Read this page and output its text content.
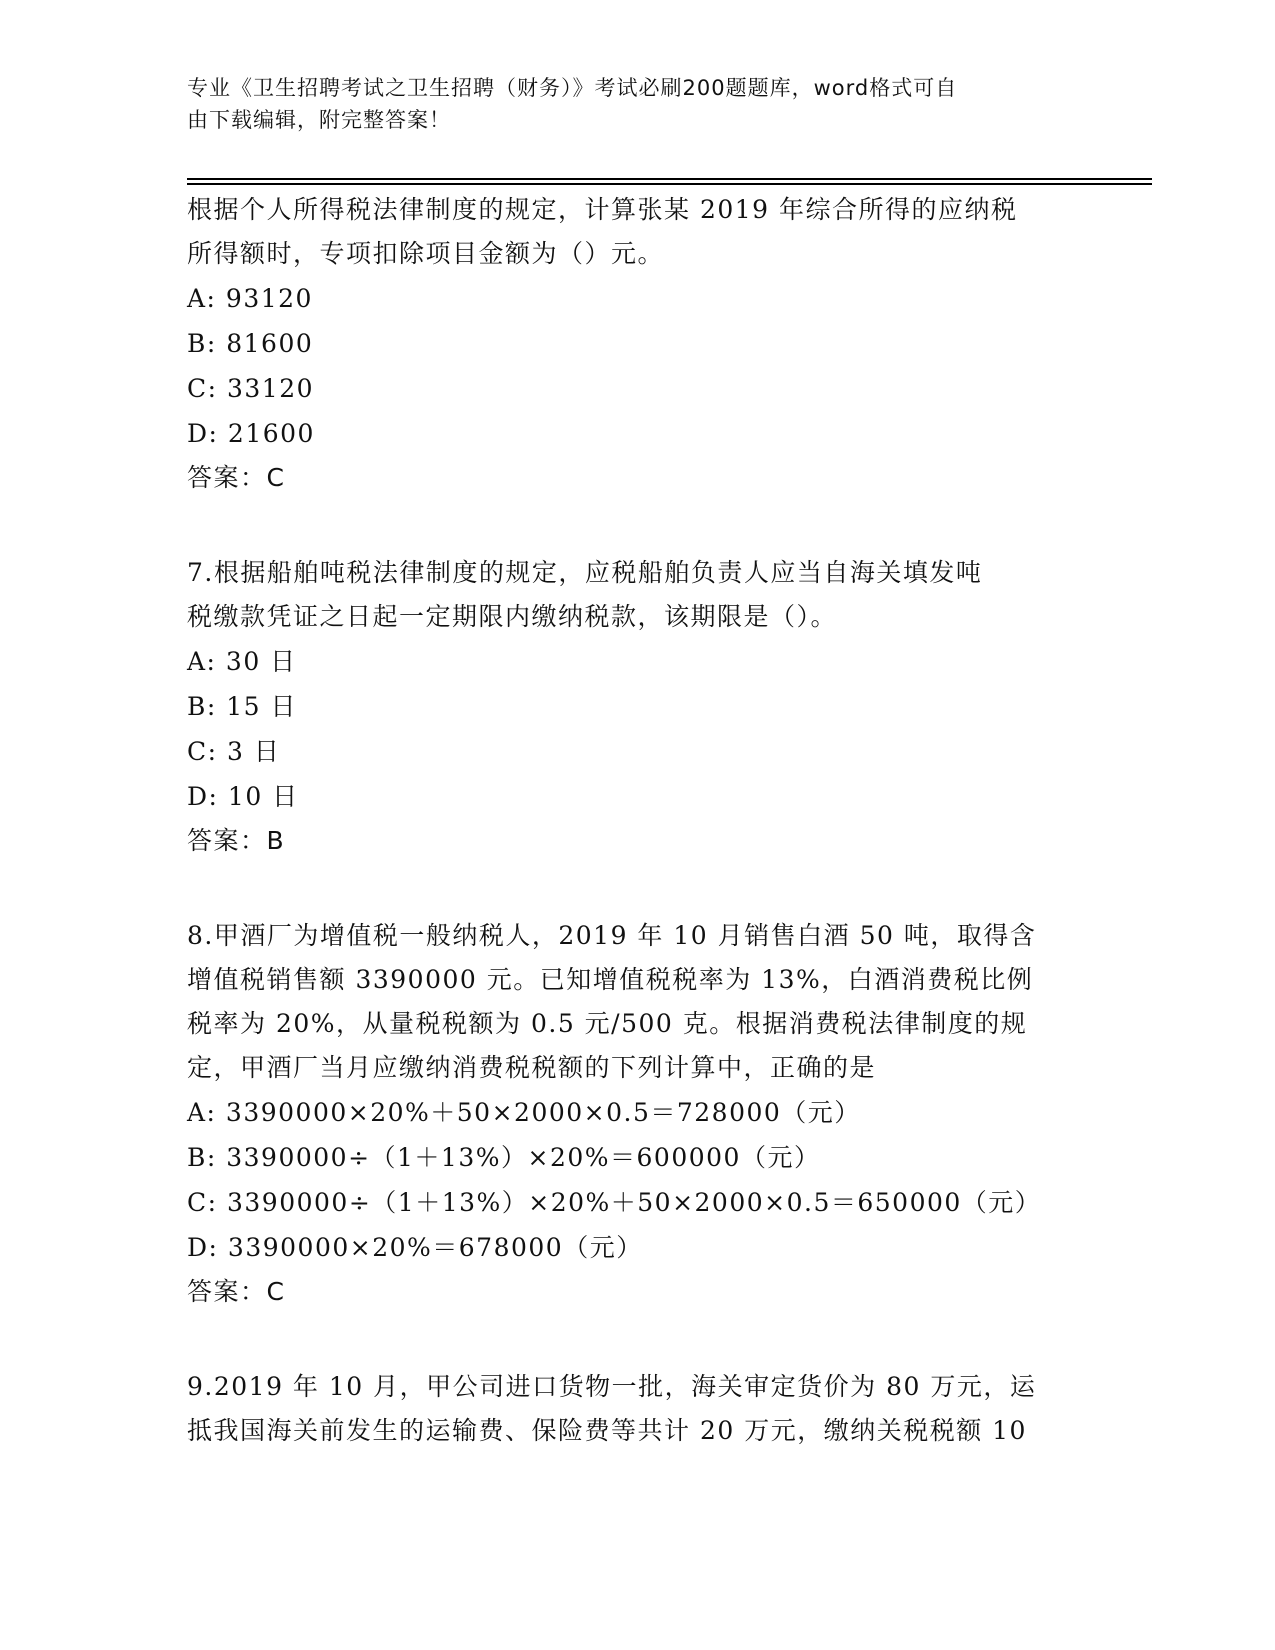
专业《卫生招聘考试之卫生招聘（财务）》考试必刷200题题库，word格式可自
由下载编辑，附完整答案！
根据个人所得税法律制度的规定，计算张某 2019 年综合所得的应纳税
所得额时，专项扣除项目金额为（）元。
A: 93120
B: 81600
C: 33120
D: 21600
答案：C
7.根据船舶吨税法律制度的规定，应税船舶负责人应当自海关填发吨
税缴款凭证之日起一定期限内缴纳税款，该期限是（）。
A: 30 日
B: 15 日
C: 3 日
D: 10 日
答案：B
8.甲酒厂为增值税一般纳税人，2019 年 10 月销售白酒 50 吨，取得含
增值税销售额 3390000 元。已知增值税税率为 13%，白酒消费税比例
税率为 20%，从量税税额为 0.5 元/500 克。根据消费税法律制度的规
定，甲酒厂当月应缴纳消费税税额的下列计算中，正确的是
A: 3390000×20%＋50×2000×0.5＝728000（元）
B: 3390000÷（1＋13%）×20%＝600000（元）
C: 3390000÷（1＋13%）×20%＋50×2000×0.5＝650000（元）
D: 3390000×20%＝678000（元）
答案：C
9.2019 年 10 月，甲公司进口货物一批，海关审定货价为 80 万元，运
抵我国海关前发生的运输费、保险费等共计 20 万元，缴纳关税税额 10
